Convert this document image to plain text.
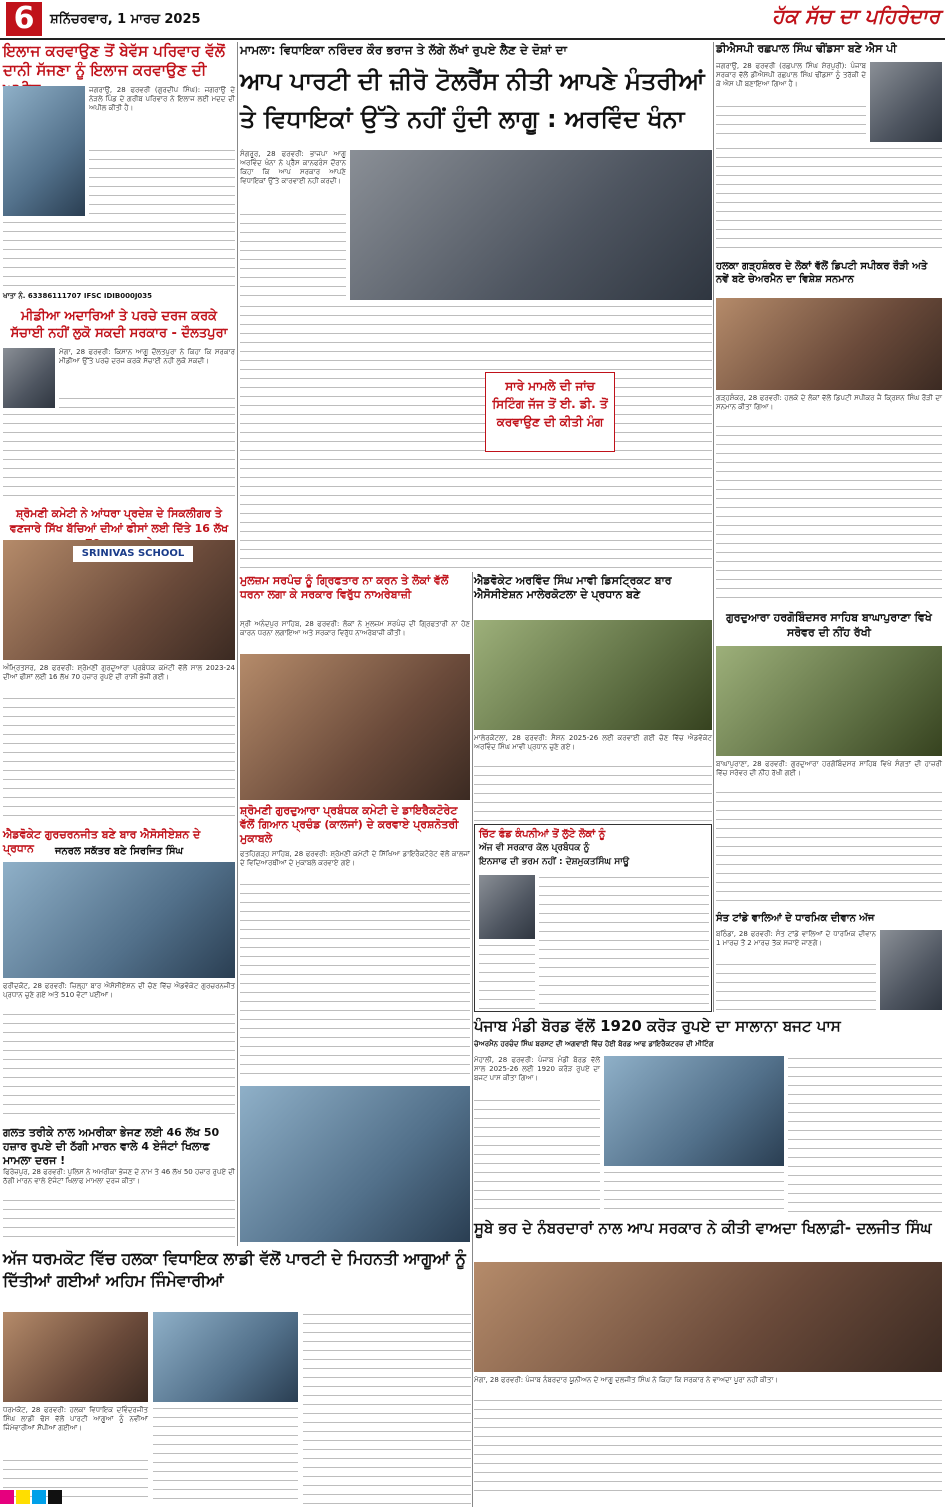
6	ਸ਼ਨਿੱਚਰਵਾਰ, 1 ਮਾਰਚ 2025	ਹੱਕ ਸੱਚ ਦਾ ਪਹਿਰੇਦਾਰ
ਇਲਾਜ ਕਰਵਾਉਣ ਤੋਂ ਬੇਵੱਸ ਪਰਿਵਾਰ ਵੱਲੋਂ ਦਾਨੀ ਸੱਜਣਾ ਨੂੰ ਇਲਾਜ ਕਰਵਾਉਣ ਦੀ
ਜਗਰਾਉਂ, 28 ਫਰਵਰੀ (ਗੁਰਦੀਪ ਸਿੰਘ): ਜਗਰਾਉਂ ਦੇ ਨੇੜਲੇ ਪਿੰਡ ਦੇ ਗਰੀਬ ਪਰਿਵਾਰ ਨੇ ਇਲਾਜ ਲਈ ਮਦਦ ਦੀ ਅਪੀਲ ਕੀਤੀ ਹੈ।
ਖਾਤਾ ਨੰ. 63386111707 IFSC IDIB000J035
ਮੀਡੀਆ ਅਦਾਰਿਆਂ ਤੇ ਪਰਚੇ ਦਰਜ ਕਰਕੇ ਸੱਚਾਈ ਨਹੀਂ ਲੁਕੋ ਸਕਦੀ ਸਰਕਾਰ - ਦੌਲਤਪੁਰਾ
ਮੋਗਾ, 28 ਫਰਵਰੀ: ਕਿਸਾਨ ਆਗੂ ਦੌਲਤਪੁਰਾ ਨੇ ਕਿਹਾ ਕਿ ਸਰਕਾਰ ਮੀਡੀਆ ਉੱਤੇ ਪਰਚੇ ਦਰਜ ਕਰਕੇ ਸੱਚਾਈ ਨਹੀਂ ਲੁਕੋ ਸਕਦੀ।
ਸ਼੍ਰੋਮਣੀ ਕਮੇਟੀ ਨੇ ਆਂਧਰਾ ਪ੍ਰਦੇਸ਼ ਦੇ ਸਿਕਲੀਗਰ ਤੇ ਵਣਜਾਰੇ ਸਿੱਖ ਬੱਚਿਆਂ ਦੀਆਂ ਫੀਸਾਂ ਲਈ ਦਿੱਤੇ 16 ਲੱਖ
SRINIVAS SCHOOL
ਅੰਮ੍ਰਿਤਸਰ, 28 ਫਰਵਰੀ: ਸ਼੍ਰੋਮਣੀ ਗੁਰਦੁਆਰਾ ਪ੍ਰਬੰਧਕ ਕਮੇਟੀ ਵੱਲੋਂ ਸਾਲ 2023-24 ਦੀਆਂ ਫੀਸਾਂ ਲਈ 16 ਲੱਖ 70 ਹਜ਼ਾਰ ਰੁਪਏ ਦੀ ਰਾਸ਼ੀ ਭੇਜੀ ਗਈ।
ਐਡਵੋਕੇਟ ਗੁਰਚਰਨਜੀਤ ਬਣੇ ਬਾਰ ਐਸੋਸੀਏਸ਼ਨ ਦੇ ਪ੍ਰਧਾਨ	ਜਨਰਲ ਸਕੱਤਰ ਬਣੇ ਸਿਰਜਿਤ ਸਿੰਘ
ਫਰੀਦਕੋਟ, 28 ਫਰਵਰੀ: ਜ਼ਿਲ੍ਹਾ ਬਾਰ ਐਸੋਸੀਏਸ਼ਨ ਦੀ ਚੋਣ ਵਿੱਚ ਐਡਵੋਕੇਟ ਗੁਰਚਰਨਜੀਤ ਪ੍ਰਧਾਨ ਚੁਣੇ ਗਏ ਅਤੇ 510 ਵੋਟਾਂ ਪਈਆਂ।
ਗਲਤ ਤਰੀਕੇ ਨਾਲ ਅਮਰੀਕਾ ਭੇਜਣ ਲਈ 46 ਲੱਖ 50 ਹਜ਼ਾਰ ਰੁਪਏ ਦੀ ਠੱਗੀ ਮਾਰਨ ਵਾਲੇ 4 ਏਜੰਟਾਂ ਖਿਲਾਫ ਮਾਮਲਾ ਦਰਜ !
ਫਿਰੋਜ਼ਪੁਰ, 28 ਫਰਵਰੀ: ਪੁਲਿਸ ਨੇ ਅਮਰੀਕਾ ਭੇਜਣ ਦੇ ਨਾਮ ਤੇ 46 ਲੱਖ 50 ਹਜ਼ਾਰ ਰੁਪਏ ਦੀ ਠੱਗੀ ਮਾਰਨ ਵਾਲੇ ਏਜੰਟਾਂ ਖਿਲਾਫ ਮਾਮਲਾ ਦਰਜ ਕੀਤਾ।
ਮਾਮਲਾ: ਵਿਧਾਇਕਾ ਨਰਿੰਦਰ ਕੌਰ ਭਰਾਜ ਤੇ ਲੱਗੇ ਲੱਖਾਂ ਰੁਪਏ ਲੈਣ ਦੇ ਦੋਸ਼ਾਂ ਦਾ
ਆਪ ਪਾਰਟੀ ਦੀ ਜ਼ੀਰੋ ਟੋਲਰੈਂਸ ਨੀਤੀ ਆਪਣੇ ਮੰਤਰੀਆਂ ਤੇ ਵਿਧਾਇਕਾਂ ਉੱਤੇ ਨਹੀਂ ਹੁੰਦੀ ਲਾਗੂ : ਅਰਵਿੰਦ ਖੰਨਾ
ਸੰਗਰੂਰ, 28 ਫਰਵਰੀ: ਭਾਜਪਾ ਆਗੂ ਅਰਵਿੰਦ ਖੰਨਾ ਨੇ ਪ੍ਰੈੱਸ ਕਾਨਫਰੰਸ ਦੌਰਾਨ ਕਿਹਾ ਕਿ ਆਪ ਸਰਕਾਰ ਆਪਣੇ ਵਿਧਾਇਕਾਂ ਉੱਤੇ ਕਾਰਵਾਈ ਨਹੀਂ ਕਰਦੀ।
ਸਾਰੇ ਮਾਮਲੇ ਦੀ ਜਾਂਚ ਸਿਟਿੰਗ ਜੱਜ ਤੋਂ ਈ. ਡੀ. ਤੋਂ ਕਰਵਾਉਣ ਦੀ ਕੀਤੀ ਮੰਗ
ਮੁਲਜ਼ਮ ਸਰਪੰਚ ਨੂੰ ਗ੍ਰਿਫਤਾਰ ਨਾ ਕਰਨ ਤੇ ਲੋਕਾਂ ਵੱਲੋਂ ਧਰਨਾ ਲਗਾ ਕੇ ਸਰਕਾਰ ਵਿਰੁੱਧ ਨਾਅਰੇਬਾਜ਼ੀ
ਸ੍ਰੀ ਅਨੰਦਪੁਰ ਸਾਹਿਬ, 28 ਫਰਵਰੀ: ਲੋਕਾਂ ਨੇ ਮੁਲਜ਼ਮ ਸਰਪੰਚ ਦੀ ਗ੍ਰਿਫਤਾਰੀ ਨਾ ਹੋਣ ਕਾਰਨ ਧਰਨਾ ਲਗਾਇਆ ਅਤੇ ਸਰਕਾਰ ਵਿਰੁੱਧ ਨਾਅਰੇਬਾਜ਼ੀ ਕੀਤੀ।
ਐਡਵੋਕੇਟ ਅਰਵਿੰਦ ਸਿੰਘ ਮਾਵੀ ਡਿਸਟ੍ਰਿਕਟ ਬਾਰ ਐਸੋਸੀਏਸ਼ਨ ਮਾਲੇਰਕੋਟਲਾ ਦੇ ਪ੍ਰਧਾਨ ਬਣੇ
ਮਾਲੇਰਕੋਟਲਾ, 28 ਫਰਵਰੀ: ਸੈਸ਼ਨ 2025-26 ਲਈ ਕਰਵਾਈ ਗਈ ਚੋਣ ਵਿੱਚ ਐਡਵੋਕੇਟ ਅਰਵਿੰਦ ਸਿੰਘ ਮਾਵੀ ਪ੍ਰਧਾਨ ਚੁਣੇ ਗਏ।
ਚਿੱਟ ਫੰਡ ਕੰਪਨੀਆਂ ਤੋਂ ਲੁੱਟੇ ਲੋਕਾਂ ਨੂੰ
ਅੱਜ ਵੀ ਸਰਕਾਰ ਕੋਲ ਪ੍ਰਬੰਧਕ ਨੂੰ
ਇਨਸਾਫ ਦੀ ਭਰਮ ਨਹੀਂ : ਦੇਸ਼ਮੁਕਤਸਿੰਘ ਸਾਊ
ਸ਼੍ਰੋਮਣੀ ਗੁਰਦੁਆਰਾ ਪ੍ਰਬੰਧਕ ਕਮੇਟੀ ਦੇ ਡਾਇਰੈਕਟੋਰੇਟ ਵੱਲੋਂ ਗਿਆਨ ਪ੍ਰਚੰਡ (ਕਾਲਜਾਂ) ਦੇ ਕਰਵਾਏ ਪ੍ਰਸ਼ਨੋਤਰੀ ਮੁਕਾਬਲੇ
ਫਤਹਿਗੜ੍ਹ ਸਾਹਿਬ, 28 ਫਰਵਰੀ: ਸ਼੍ਰੋਮਣੀ ਕਮੇਟੀ ਦੇ ਸਿੱਖਿਆ ਡਾਇਰੈਕਟੋਰੇਟ ਵੱਲੋਂ ਕਾਲਜਾਂ ਦੇ ਵਿਦਿਆਰਥੀਆਂ ਦੇ ਮੁਕਾਬਲੇ ਕਰਵਾਏ ਗਏ।
ਡੀਐਸਪੀ ਰਛਪਾਲ ਸਿੰਘ ਢੀਂਡਸਾ ਬਣੇ ਐਸ ਪੀ
ਜਗਰਾਉਂ, 28 ਫਰਵਰੀ (ਰਛਪਾਲ ਸਿੰਘ ਸ਼ੇਰਪੁਰੀ): ਪੰਜਾਬ ਸਰਕਾਰ ਵੱਲੋਂ ਡੀਐਸਪੀ ਰਛਪਾਲ ਸਿੰਘ ਢੀਂਡਸਾ ਨੂੰ ਤਰੱਕੀ ਦੇ ਕੇ ਐਸ ਪੀ ਬਣਾਇਆ ਗਿਆ ਹੈ।
ਹਲਕਾ ਗੜ੍ਹਸ਼ੰਕਰ ਦੇ ਲੋਕਾਂ ਵੱਲੋਂ ਡਿਪਟੀ ਸਪੀਕਰ ਰੌੜੀ ਅਤੇ ਨਵੇਂ ਬਣੇ ਚੇਅਰਮੈਨ ਦਾ ਵਿਸ਼ੇਸ਼ ਸਨਮਾਨ
ਗੜ੍ਹਸ਼ੰਕਰ, 28 ਫਰਵਰੀ: ਹਲਕੇ ਦੇ ਲੋਕਾਂ ਵੱਲੋਂ ਡਿਪਟੀ ਸਪੀਕਰ ਜੈ ਕ੍ਰਿਸ਼ਨ ਸਿੰਘ ਰੌੜੀ ਦਾ ਸਨਮਾਨ ਕੀਤਾ ਗਿਆ।
ਗੁਰਦੁਆਰਾ ਹਰਗੋਬਿੰਦਸਰ ਸਾਹਿਬ ਬਾਘਾਪੁਰਾਣਾ ਵਿਖੇ ਸਰੋਵਰ ਦੀ ਨੀਂਹ ਰੱਖੀ
ਬਾਘਾਪੁਰਾਣਾ, 28 ਫਰਵਰੀ: ਗੁਰਦੁਆਰਾ ਹਰਗੋਬਿੰਦਸਰ ਸਾਹਿਬ ਵਿਖੇ ਸੰਗਤਾਂ ਦੀ ਹਾਜ਼ਰੀ ਵਿੱਚ ਸਰੋਵਰ ਦੀ ਨੀਂਹ ਰੱਖੀ ਗਈ।
ਸੰਤ ਟਾਂਡੇ ਵਾਲਿਆਂ ਦੇ ਧਾਰਮਿਕ ਦੀਵਾਨ ਅੱਜ
ਬਠਿੰਡਾ, 28 ਫਰਵਰੀ: ਸੰਤ ਟਾਂਡੇ ਵਾਲਿਆਂ ਦੇ ਧਾਰਮਿਕ ਦੀਵਾਨ 1 ਮਾਰਚ ਤੋਂ 2 ਮਾਰਚ ਤੱਕ ਸਜਾਏ ਜਾਣਗੇ।
ਪੰਜਾਬ ਮੰਡੀ ਬੋਰਡ ਵੱਲੋਂ 1920 ਕਰੋੜ ਰੁਪਏ ਦਾ ਸਾਲਾਨਾ ਬਜਟ ਪਾਸ
ਚੇਅਰਮੈਨ ਹਰਚੰਦ ਸਿੰਘ ਬਰਸਟ ਦੀ ਅਗਵਾਈ ਵਿੱਚ ਹੋਈ ਬੋਰਡ ਆਫ ਡਾਇਰੈਕਟਰਜ਼ ਦੀ ਮੀਟਿੰਗ
ਮੋਹਾਲੀ, 28 ਫਰਵਰੀ: ਪੰਜਾਬ ਮੰਡੀ ਬੋਰਡ ਵੱਲੋਂ ਸਾਲ 2025-26 ਲਈ 1920 ਕਰੋੜ ਰੁਪਏ ਦਾ ਬਜਟ ਪਾਸ ਕੀਤਾ ਗਿਆ।
ਸੂਬੇ ਭਰ ਦੇ ਨੰਬਰਦਾਰਾਂ ਨਾਲ ਆਪ ਸਰਕਾਰ ਨੇ ਕੀਤੀ ਵਾਅਦਾ ਖਿਲਾਫ਼ੀ- ਦਲਜੀਤ ਸਿੰਘ
ਮੋਗਾ, 28 ਫਰਵਰੀ: ਪੰਜਾਬ ਨੰਬਰਦਾਰ ਯੂਨੀਅਨ ਦੇ ਆਗੂ ਦਲਜੀਤ ਸਿੰਘ ਨੇ ਕਿਹਾ ਕਿ ਸਰਕਾਰ ਨੇ ਵਾਅਦਾ ਪੂਰਾ ਨਹੀਂ ਕੀਤਾ।
ਅੱਜ ਧਰਮਕੋਟ ਵਿੱਚ ਹਲਕਾ ਵਿਧਾਇਕ ਲਾਡੀ ਵੱਲੋਂ ਪਾਰਟੀ ਦੇ ਮਿਹਨਤੀ ਆਗੂਆਂ ਨੂੰ ਦਿੱਤੀਆਂ ਗਈਆਂ ਅਹਿਮ ਜਿੰਮੇਵਾਰੀਆਂ
ਧਰਮਕੋਟ, 28 ਫਰਵਰੀ: ਹਲਕਾ ਵਿਧਾਇਕ ਦਵਿੰਦਰਜੀਤ ਸਿੰਘ ਲਾਡੀ ਢੋਸ ਵੱਲੋਂ ਪਾਰਟੀ ਆਗੂਆਂ ਨੂੰ ਨਵੀਆਂ ਜਿੰਮੇਵਾਰੀਆਂ ਸੌਂਪੀਆਂ ਗਈਆਂ।
